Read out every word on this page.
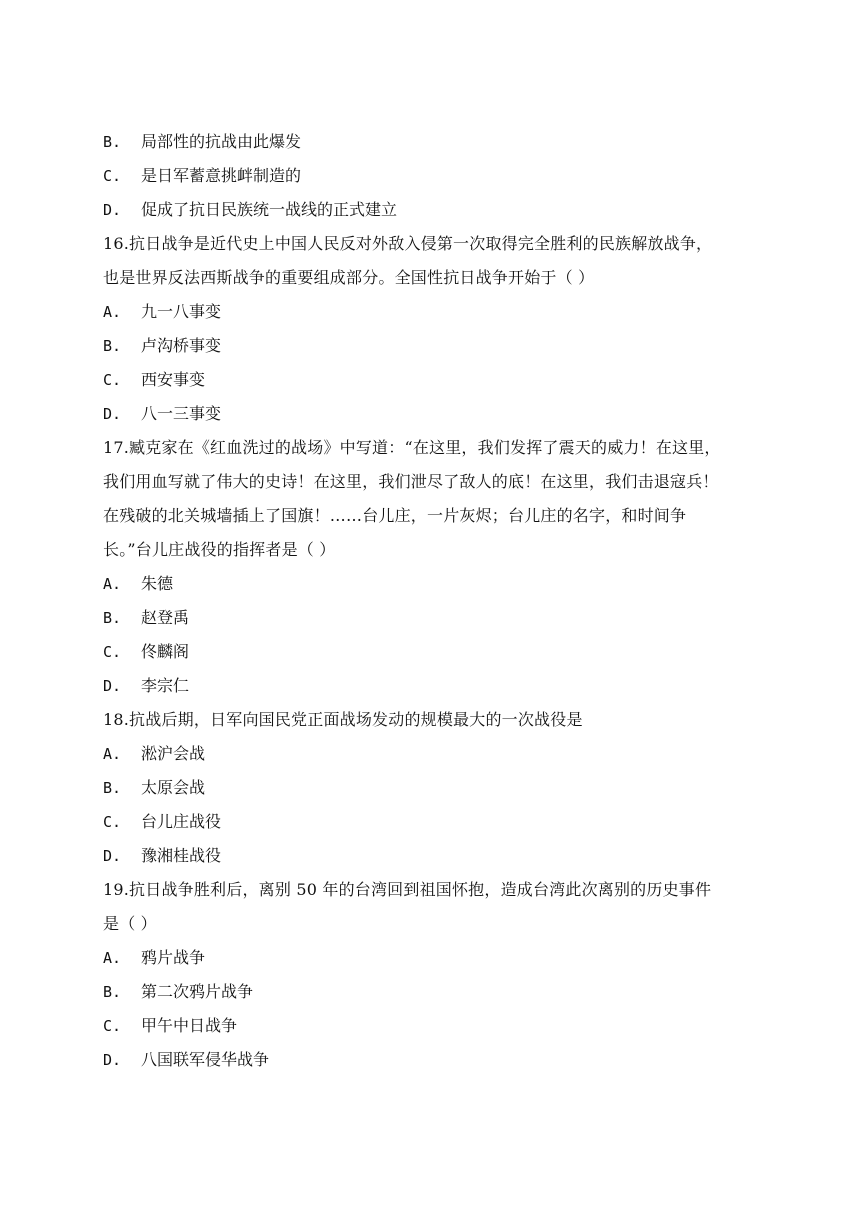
B.	局部性的抗战由此爆发
C.	是日军蓄意挑衅制造的
D.	促成了抗日民族统一战线的正式建立
16.抗日战争是近代史上中国人民反对外敌入侵第一次取得完全胜利的民族解放战争，
也是世界反法西斯战争的重要组成部分。全国性抗日战争开始于（ ）
A.	九一八事变
B.	卢沟桥事变
C.	西安事变
D.	八一三事变
17.臧克家在《红血洗过的战场》中写道：“在这里，我们发挥了震天的威力！在这里，
我们用血写就了伟大的史诗！在这里，我们泄尽了敌人的底！在这里，我们击退寇兵！
在残破的北关城墙插上了国旗！……台儿庄，一片灰烬；台儿庄的名字，和时间争
长。”台儿庄战役的指挥者是（ ）
A.	朱德
B.	赵登禹
C.	佟麟阁
D.	李宗仁
18.抗战后期，日军向国民党正面战场发动的规模最大的一次战役是
A.	淞沪会战
B.	太原会战
C.	台儿庄战役
D.	豫湘桂战役
19.抗日战争胜利后，离别 50 年的台湾回到祖国怀抱，造成台湾此次离别的历史事件
是（ ）
A.	鸦片战争
B.	第二次鸦片战争
C.	甲午中日战争
D.	八国联军侵华战争
